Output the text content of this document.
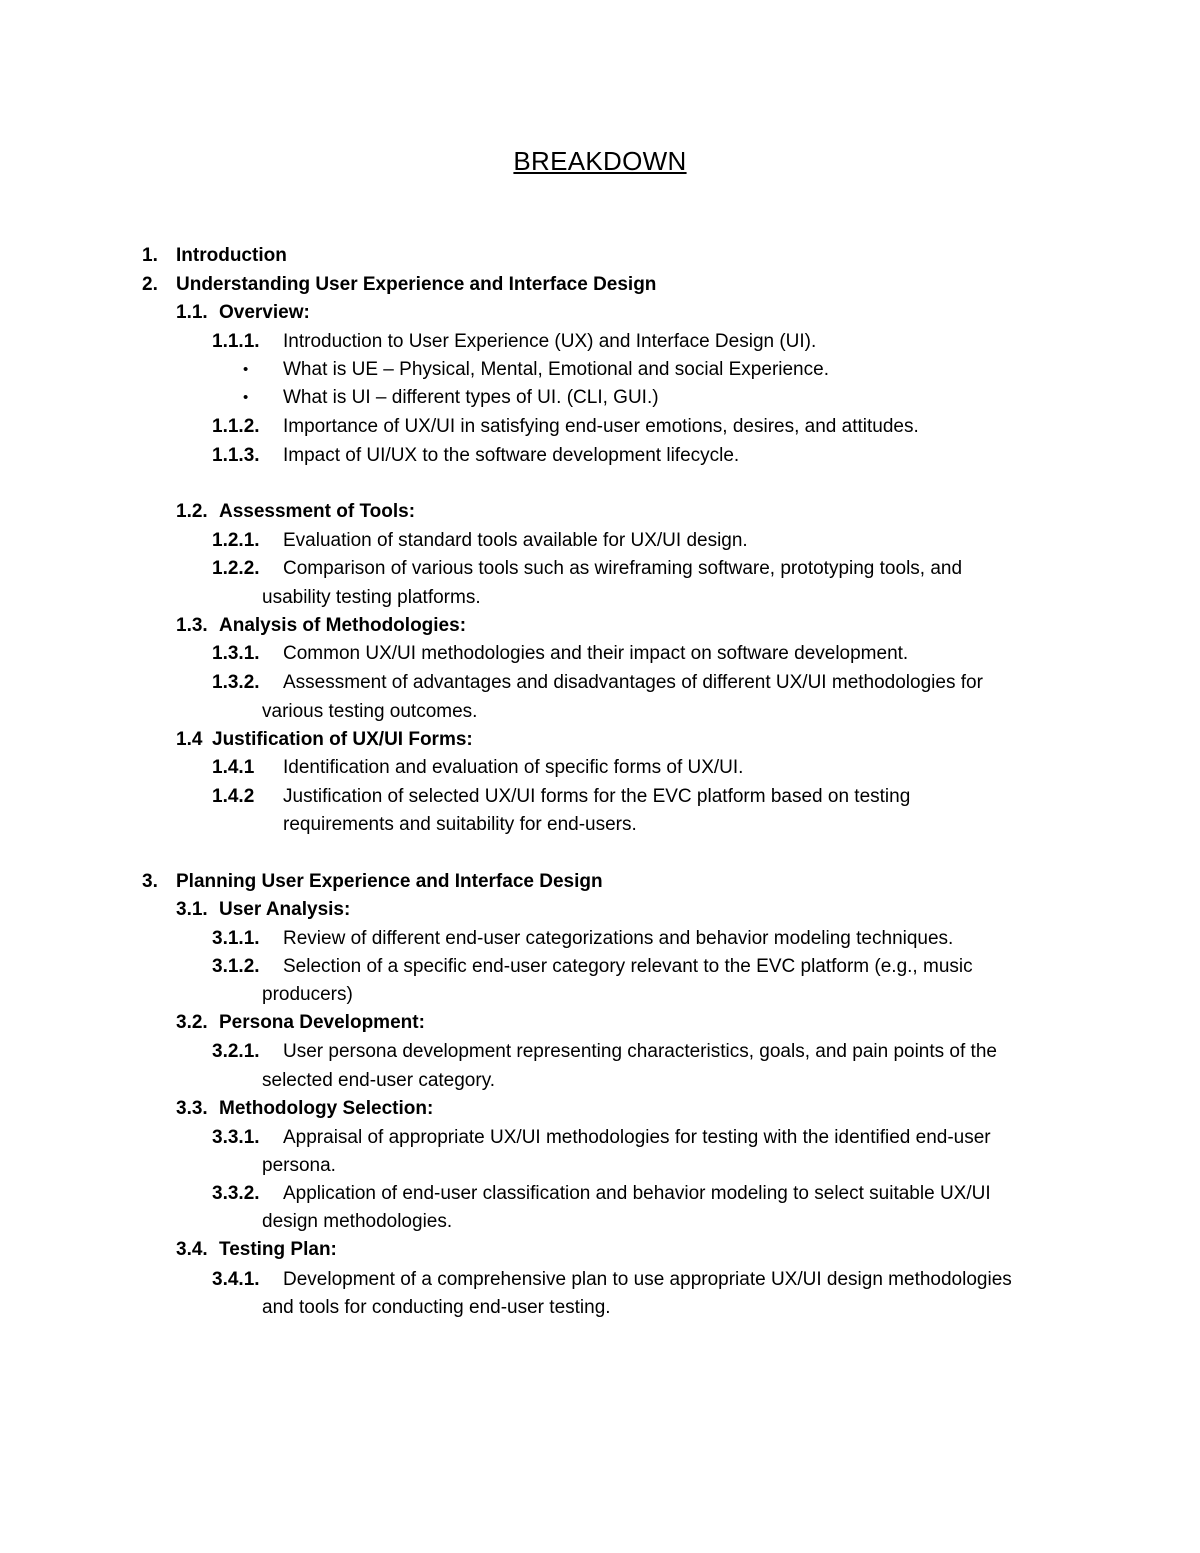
BREAKDOWN
1. Introduction
2. Understanding User Experience and Interface Design
1.1. Overview:
1.1.1. Introduction to User Experience (UX) and Interface Design (UI).
• What is UE – Physical, Mental, Emotional and social Experience.
• What is UI – different types of UI. (CLI, GUI.)
1.1.2. Importance of UX/UI in satisfying end-user emotions, desires, and attitudes.
1.1.3. Impact of UI/UX to the software development lifecycle.
1.2. Assessment of Tools:
1.2.1. Evaluation of standard tools available for UX/UI design.
1.2.2. Comparison of various tools such as wireframing software, prototyping tools, and
usability testing platforms.
1.3. Analysis of Methodologies:
1.3.1. Common UX/UI methodologies and their impact on software development.
1.3.2. Assessment of advantages and disadvantages of different UX/UI methodologies for
various testing outcomes.
1.4 Justification of UX/UI Forms:
1.4.1 Identification and evaluation of specific forms of UX/UI.
1.4.2 Justification of selected UX/UI forms for the EVC platform based on testing
requirements and suitability for end-users.
3. Planning User Experience and Interface Design
3.1. User Analysis:
3.1.1. Review of different end-user categorizations and behavior modeling techniques.
3.1.2. Selection of a specific end-user category relevant to the EVC platform (e.g., music
producers)
3.2. Persona Development:
3.2.1. User persona development representing characteristics, goals, and pain points of the
selected end-user category.
3.3. Methodology Selection:
3.3.1. Appraisal of appropriate UX/UI methodologies for testing with the identified end-user
persona.
3.3.2. Application of end-user classification and behavior modeling to select suitable UX/UI
design methodologies.
3.4. Testing Plan:
3.4.1. Development of a comprehensive plan to use appropriate UX/UI design methodologies
and tools for conducting end-user testing.
